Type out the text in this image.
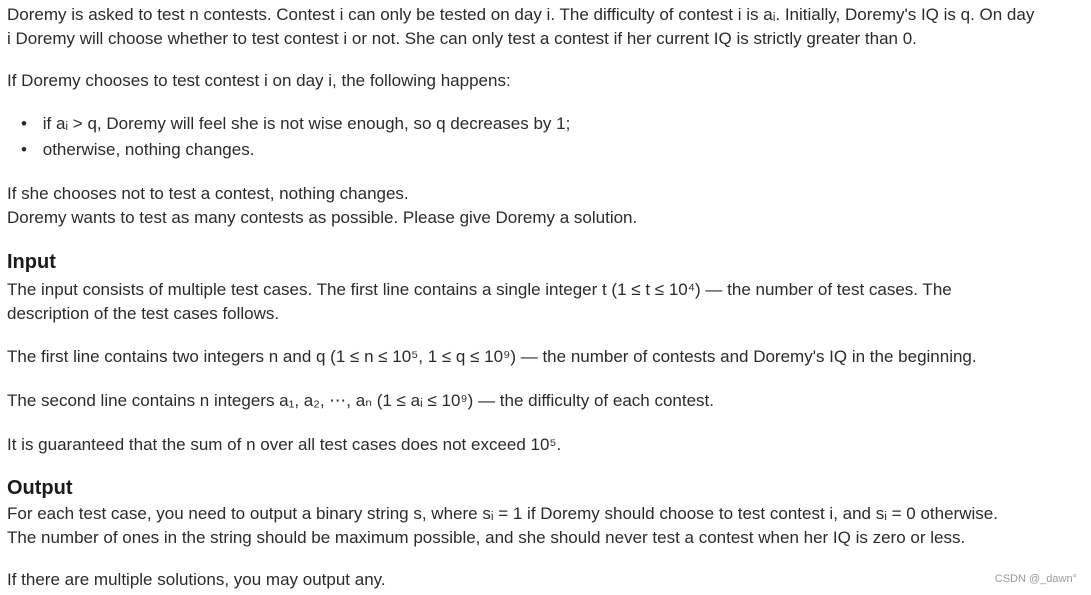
Doremy is asked to test n contests. Contest i can only be tested on day i. The difficulty of contest i is aᵢ. Initially, Doremy's IQ is q. On day
i Doremy will choose whether to test contest i or not. She can only test a contest if her current IQ is strictly greater than 0.
If Doremy chooses to test contest i on day i, the following happens:
• if aᵢ > q, Doremy will feel she is not wise enough, so q decreases by 1;
• otherwise, nothing changes.
If she chooses not to test a contest, nothing changes.
Doremy wants to test as many contests as possible. Please give Doremy a solution.
Input
The input consists of multiple test cases. The first line contains a single integer t (1 ≤ t ≤ 10⁴) — the number of test cases. The
description of the test cases follows.
The first line contains two integers n and q (1 ≤ n ≤ 10⁵, 1 ≤ q ≤ 10⁹) — the number of contests and Doremy's IQ in the beginning.
The second line contains n integers a₁, a₂, ⋯, aₙ (1 ≤ aᵢ ≤ 10⁹) — the difficulty of each contest.
It is guaranteed that the sum of n over all test cases does not exceed 10⁵.
Output
For each test case, you need to output a binary string s, where sᵢ = 1 if Doremy should choose to test contest i, and sᵢ = 0 otherwise.
The number of ones in the string should be maximum possible, and she should never test a contest when her IQ is zero or less.
If there are multiple solutions, you may output any.	CSDN @_dawn°
